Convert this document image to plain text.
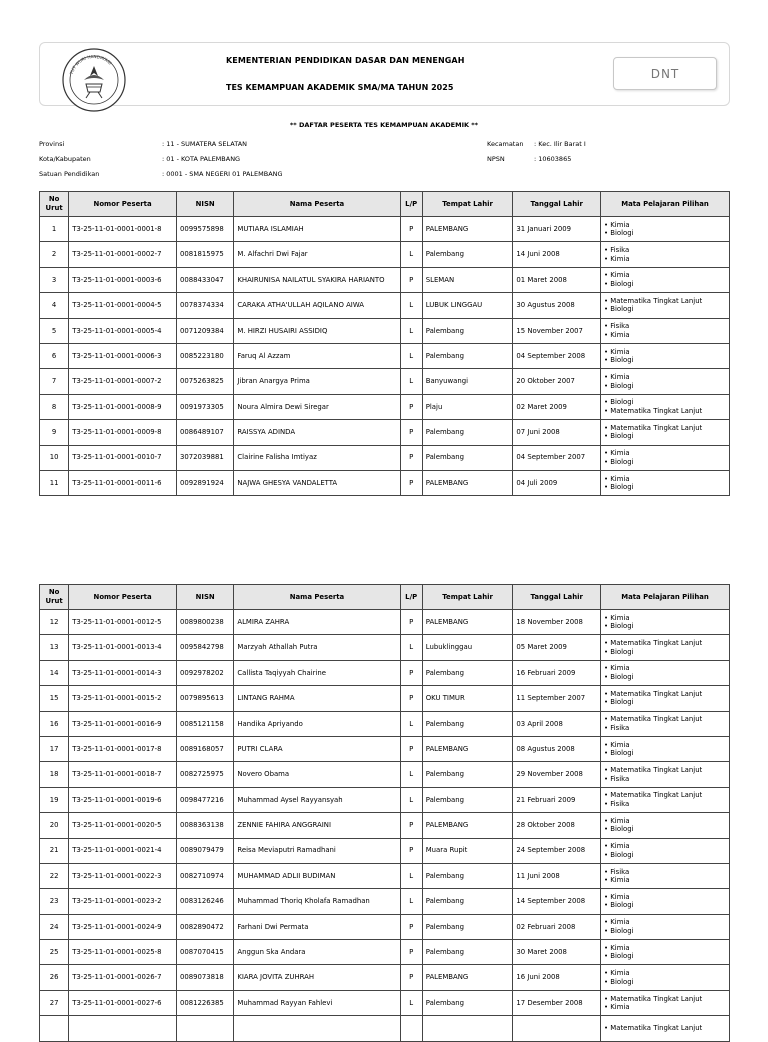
TUT WURI HANDAYANI	KEMENTERIAN PENDIDIKAN DASAR DAN MENENGAH
TES KEMAMPUAN AKADEMIK SMA/MA TAHUN 2025
DNT
** DAFTAR PESERTA TES KEMAMPUAN AKADEMIK **
Provinsi	: 11 - SUMATERA SELATAN
Kota/Kabupaten	: 01 - KOTA PALEMBANG
Satuan Pendidikan	: 0001 - SMA NEGERI 01 PALEMBANG
Kecamatan : Kec. Ilir Barat I
NPSN	: 10603865
No Urut	Nomor Peserta	NISN	Nama Peserta	L/P	Tempat Lahir	Tanggal Lahir	Mata Pelajaran Pilihan
1	T3-25-11-01-0001-0001-8	0099575898	MUTIARA ISLAMIAH	P	PALEMBANG	31 Januari 2009	• Kimia
• Biologi

2	T3-25-11-01-0001-0002-7	0081815975	M. Alfachri Dwi Fajar	L	Palembang	14 Juni 2008	• Fisika
• Kimia

3	T3-25-11-01-0001-0003-6	0088433047	KHAIRUNISA NAILATUL SYAKIRA HARIANTO	P	SLEMAN	01 Maret 2008	• Kimia
• Biologi

4	T3-25-11-01-0001-0004-5	0078374334	CARAKA ATHA'ULLAH AQILANO AIWA	L	LUBUK LINGGAU	30 Agustus 2008	• Matematika Tingkat Lanjut
• Biologi

5	T3-25-11-01-0001-0005-4	0071209384	M. HIRZI HUSAIRI ASSIDIQ	L	Palembang	15 November 2007	• Fisika
• Kimia

6	T3-25-11-01-0001-0006-3	0085223180	Faruq Al Azzam	L	Palembang	04 September 2008	• Kimia
• Biologi

7	T3-25-11-01-0001-0007-2	0075263825	Jibran Anargya Prima	L	Banyuwangi	20 Oktober 2007	• Kimia
• Biologi

8	T3-25-11-01-0001-0008-9	0091973305	Noura Almira Dewi Siregar	P	Plaju	02 Maret 2009	• Biologi
• Matematika Tingkat Lanjut

9	T3-25-11-01-0001-0009-8	0086489107	RAISSYA ADINDA	P	Palembang	07 Juni 2008	• Matematika Tingkat Lanjut
• Biologi

10	T3-25-11-01-0001-0010-7	3072039881	Clairine Falisha Imtiyaz	P	Palembang	04 September 2007	• Kimia
• Biologi

11	T3-25-11-01-0001-0011-6	0092891924	NAJWA GHESYA VANDALETTA	P	PALEMBANG	04 Juli 2009	• Kimia
• Biologi
No Urut	Nomor Peserta	NISN	Nama Peserta	L/P	Tempat Lahir	Tanggal Lahir	Mata Pelajaran Pilihan
12	T3-25-11-01-0001-0012-5	0089800238	ALMIRA ZAHRA	P	PALEMBANG	18 November 2008	• Kimia
• Biologi

13	T3-25-11-01-0001-0013-4	0095842798	Marzyah Athallah Putra	L	Lubuklinggau	05 Maret 2009	• Matematika Tingkat Lanjut
• Biologi

14	T3-25-11-01-0001-0014-3	0092978202	Callista Taqiyyah Chairine	P	Palembang	16 Februari 2009	• Kimia
• Biologi

15	T3-25-11-01-0001-0015-2	0079895613	LINTANG RAHMA	P	OKU TIMUR	11 September 2007	• Matematika Tingkat Lanjut
• Biologi

16	T3-25-11-01-0001-0016-9	0085121158	Handika Apriyando	L	Palembang	03 April 2008	• Matematika Tingkat Lanjut
• Fisika

17	T3-25-11-01-0001-0017-8	0089168057	PUTRI CLARA	P	PALEMBANG	08 Agustus 2008	• Kimia
• Biologi

18	T3-25-11-01-0001-0018-7	0082725975	Novero Obama	L	Palembang	29 November 2008	• Matematika Tingkat Lanjut
• Fisika

19	T3-25-11-01-0001-0019-6	0098477216	Muhammad Aysel Rayyansyah	L	Palembang	21 Februari 2009	• Matematika Tingkat Lanjut
• Fisika

20	T3-25-11-01-0001-0020-5	0088363138	ZENNIE FAHIRA ANGGRAINI	P	PALEMBANG	28 Oktober 2008	• Kimia
• Biologi

21	T3-25-11-01-0001-0021-4	0089079479	Reisa Meviaputri Ramadhani	P	Muara Rupit	24 September 2008	• Kimia
• Biologi

22	T3-25-11-01-0001-0022-3	0082710974	MUHAMMAD ADLII BUDIMAN	L	Palembang	11 Juni 2008	• Fisika
• Kimia

23	T3-25-11-01-0001-0023-2	0083126246	Muhammad Thoriq Kholafa Ramadhan	L	Palembang	14 September 2008	• Kimia
• Biologi

24	T3-25-11-01-0001-0024-9	0082890472	Farhani Dwi Permata	P	Palembang	02 Februari 2008	• Kimia
• Biologi

25	T3-25-11-01-0001-0025-8	0087070415	Anggun Ska Andara	P	Palembang	30 Maret 2008	• Kimia
• Biologi

26	T3-25-11-01-0001-0026-7	0089073818	KIARA JOVITA ZUHRAH	P	PALEMBANG	16 Juni 2008	• Kimia
• Biologi

27	T3-25-11-01-0001-0027-6	0081226385	Muhammad Rayyan Fahlevi	L	Palembang	17 Desember 2008	• Matematika Tingkat Lanjut
• Kimia

							• Matematika Tingkat Lanjut
